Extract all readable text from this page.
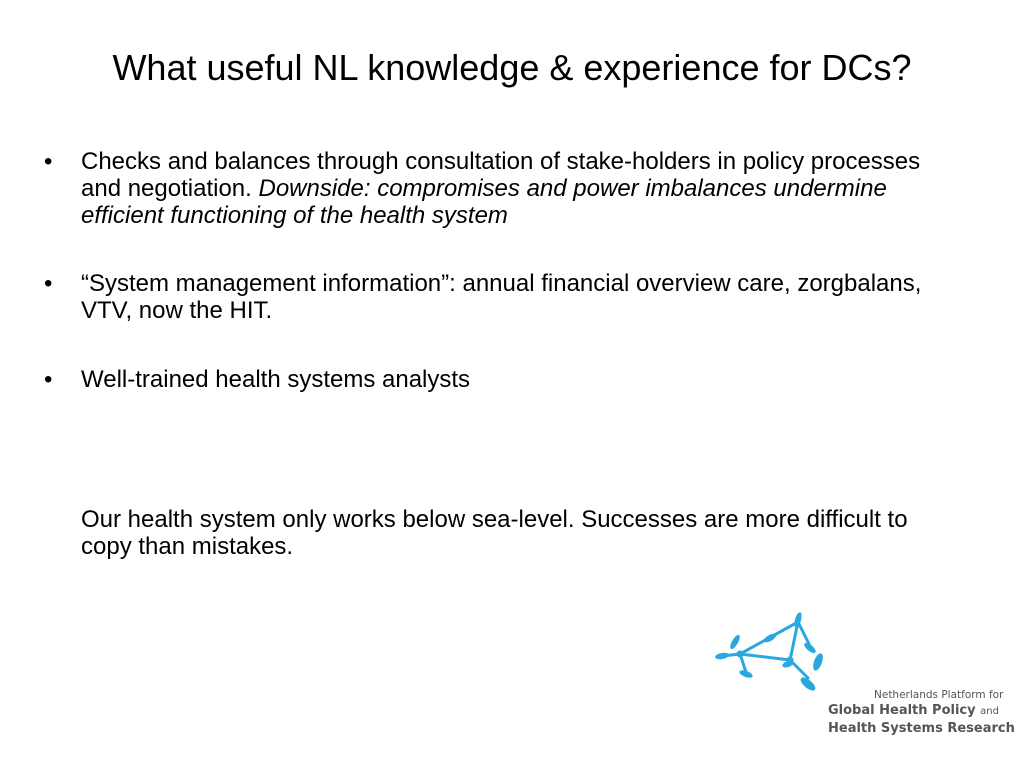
What useful NL knowledge & experience for DCs?
• Checks and balances through consultation of stake-holders in policy processes and negotiation. Downside: compromises and power imbalances undermine efficient functioning of the health system
• “System management information”: annual financial overview care, zorgbalans, VTV, now the HIT.
• Well-trained health systems analysts
Our health system only works below sea-level. Successes are more difficult to copy than mistakes.
Netherlands Platform for
Global Health Policy and
Health Systems Research
